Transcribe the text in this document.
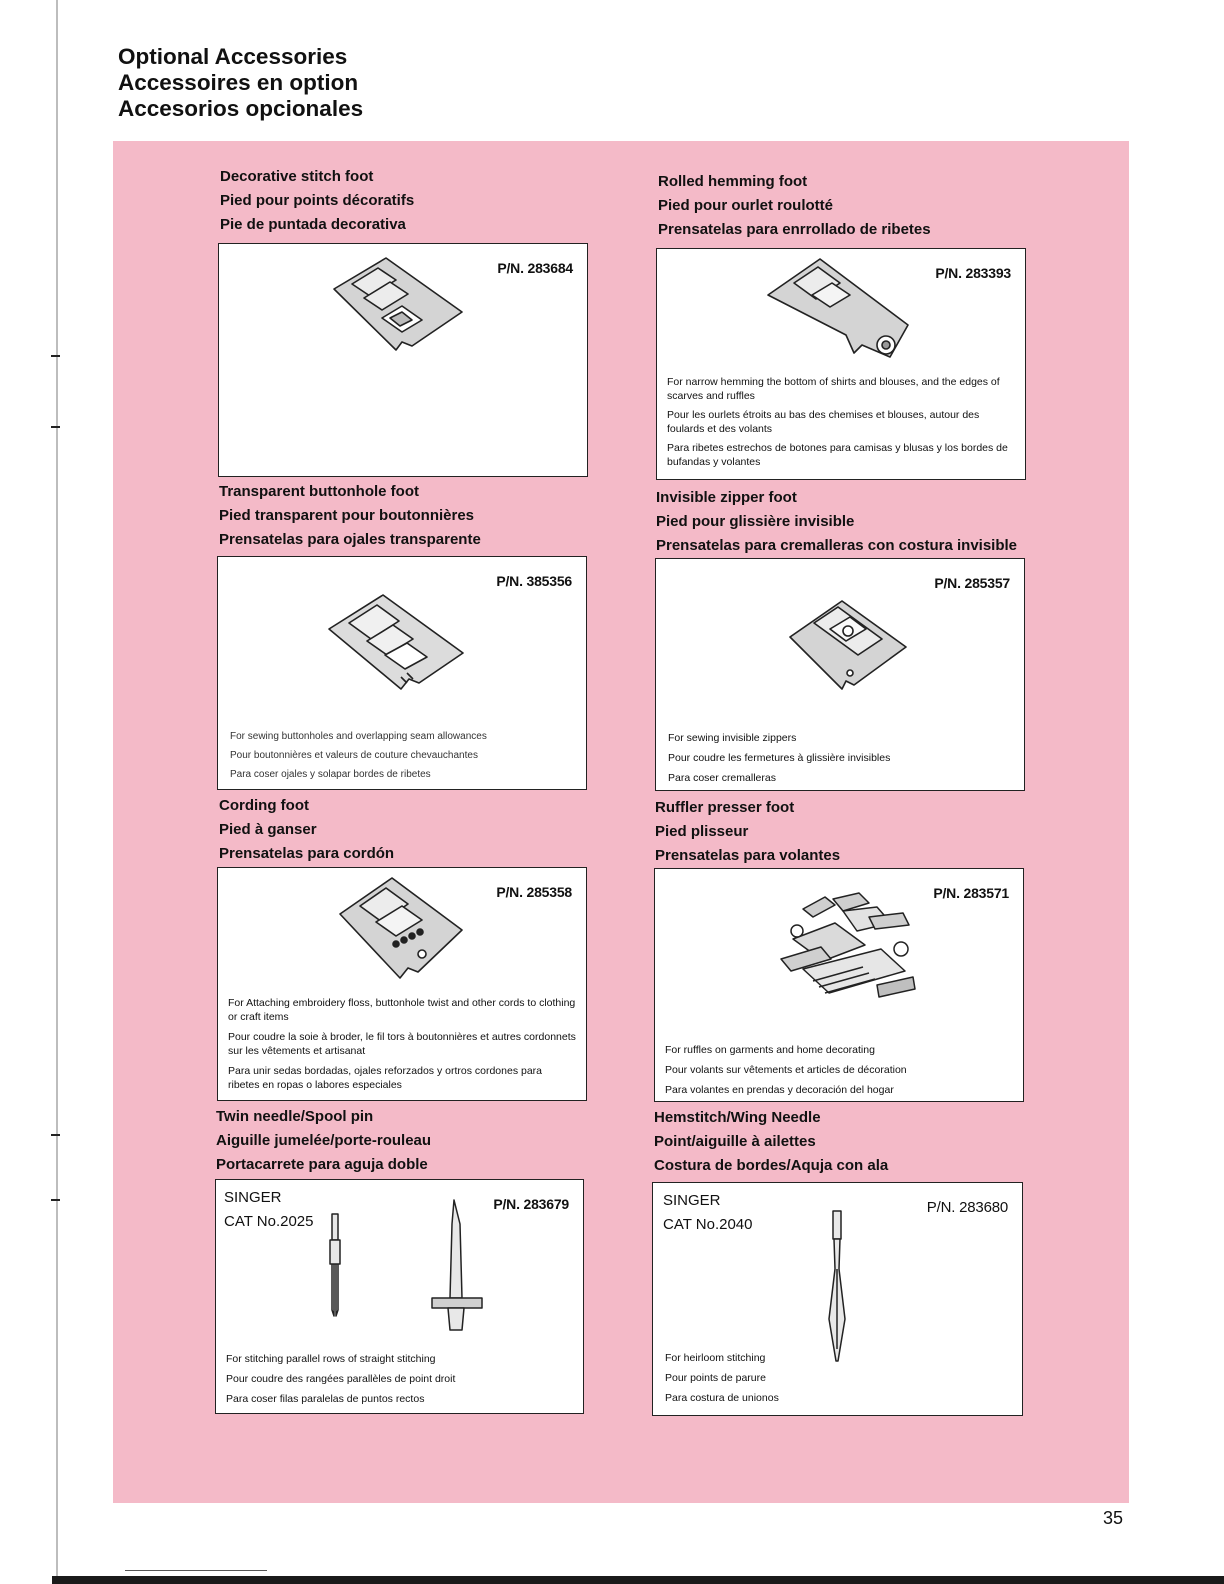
Optional Accessories
Accessoires en option
Accesorios opcionales
Decorative stitch foot
Pied pour points décoratifs
Pie de puntada decorativa
P/N. 283684
Rolled hemming foot
Pied pour ourlet roulotté
Prensatelas para enrrollado de ribetes
P/N. 283393
For narrow hemming the bottom of shirts and blouses, and the edges of scarves and ruffles
Pour les ourlets étroits au bas des chemises et blouses, autour des foulards et des volants
Para ribetes estrechos de botones para camisas y blusas y los bordes de bufandas y volantes
Transparent buttonhole foot
Pied transparent pour boutonnières
Prensatelas para ojales transparente
P/N. 385356
For sewing buttonholes and overlapping seam allowances
Pour boutonnières et valeurs de couture chevauchantes
Para coser ojales y solapar bordes de ribetes
Invisible zipper foot
Pied pour glissière invisible
Prensatelas para cremalleras con costura invisible
P/N. 285357
For sewing invisible zippers
Pour coudre les fermetures à glissière invisibles
Para coser cremalleras
Cording foot
Pied à ganser
Prensatelas para cordón
P/N. 285358
For Attaching embroidery floss, buttonhole twist and other cords to clothing or craft items
Pour coudre la soie à broder, le fil tors à boutonnières et autres cordonnets sur les vêtements et artisanat
Para unir sedas bordadas, ojales reforzados y ortros cordones para ribetes en ropas o labores especiales
Ruffler presser foot
Pied plisseur
Prensatelas para volantes
P/N. 283571
For ruffles on garments and home decorating
Pour volants sur vêtements et articles de décoration
Para volantes en prendas y decoración del hogar
Twin needle/Spool pin
Aiguille jumelée/porte-rouleau
Portacarrete para aguja doble
SINGER
CAT No.2025
P/N. 283679
For stitching parallel rows of straight stitching
Pour coudre des rangées parallèles de point droit
Para coser filas paralelas de puntos rectos
Hemstitch/Wing Needle
Point/aiguille à ailettes
Costura de bordes/Aquja con ala
SINGER
CAT No.2040
P/N. 283680
For heirloom stitching
Pour points de parure
Para costura de unionos
35
